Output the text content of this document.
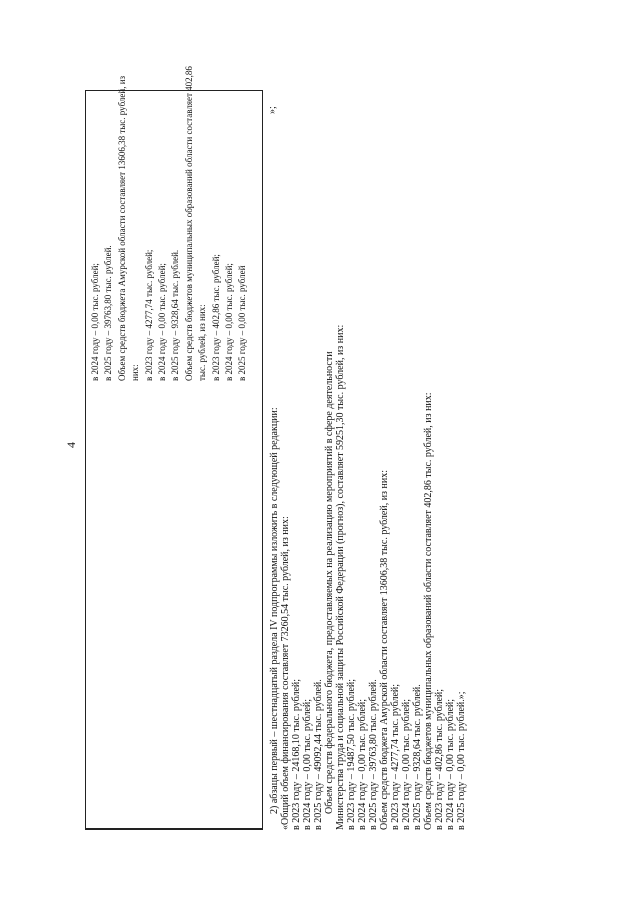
4
в 2024 году – 0,00 тыс. рублей; в 2025 году – 39763,80 тыс. рублей. Объем средств бюджета Амурской области составляет 13606,38 тыс. рублей, из них: в 2023 году – 4277,74 тыс. рублей; в 2024 году – 0,00 тыс. рублей; в 2025 году – 9328,64 тыс. рублей. Объем средств бюджетов муниципальных образований области составляет 402,86 тыс. рублей, из них: в 2023 году – 402,86 тыс. рублей; в 2024 году – 0,00 тыс. рублей; в 2025 году – 0,00 тыс. рублей
»;
2) абзацы первый – шестнадцатый раздела IV подпрограммы изложить в следующей редакции: «Общий объем финансирования составляет 73260,54 тыс. рублей, из них: в 2023 году – 24168,10 тыс. рублей; в 2024 году – 0,00 тыс. рублей; в 2025 году – 49092,44 тыс. рублей. Объем средств федерального бюджета, предоставляемых на реализацию мероприятий в сфере деятельности Министерства труда и социальной защиты Российской Федерации (прогноз), составляет 59251,30 тыс. рублей, из них: в 2023 году – 19487,50 тыс. рублей; в 2024 году – 0,00 тыс. рублей; в 2025 году – 39763,80 тыс. рублей. Объем средств бюджета Амурской области составляет 13606,38 тыс. рублей, из них: в 2023 году – 4277,74 тыс. рублей; в 2024 году – 0,00 тыс. рублей; в 2025 году – 9328,64 тыс. рублей. Объем средств бюджетов муниципальных образований области составляет 402,86 тыс. рублей, из них: в 2023 году – 402,86 тыс. рублей; в 2024 году – 0,00 тыс. рублей; в 2025 году – 0,00 тыс. рублей.»;
